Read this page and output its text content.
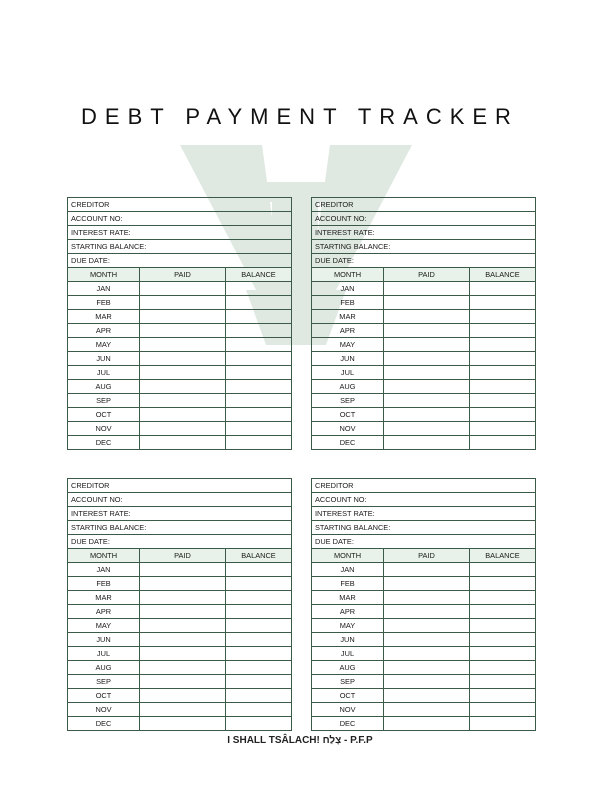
DEBT PAYMENT TRACKER
CREDITOR		
ACCOUNT NO:		
INTEREST RATE:		
STARTING BALANCE:		
DUE DATE:		
MONTH	PAID	BALANCE
JAN		
FEB		
MAR		
APR		
MAY		
JUN		
JUL		
AUG		
SEP		
OCT		
NOV		
DEC		
CREDITOR		
ACCOUNT NO:		
INTEREST RATE:		
STARTING BALANCE:		
DUE DATE:		
MONTH	PAID	BALANCE
JAN		
FEB		
MAR		
APR		
MAY		
JUN		
JUL		
AUG		
SEP		
OCT		
NOV		
DEC		
CREDITOR		
ACCOUNT NO:		
INTEREST RATE:		
STARTING BALANCE:		
DUE DATE:		
MONTH	PAID	BALANCE
JAN		
FEB		
MAR		
APR		
MAY		
JUN		
JUL		
AUG		
SEP		
OCT		
NOV		
DEC		
CREDITOR		
ACCOUNT NO:		
INTEREST RATE:		
STARTING BALANCE:		
DUE DATE:		
MONTH	PAID	BALANCE
JAN		
FEB		
MAR		
APR		
MAY		
JUN		
JUL		
AUG		
SEP		
OCT		
NOV		
DEC		

I SHALL TSÂLACH! צָלַח - P.F.P
